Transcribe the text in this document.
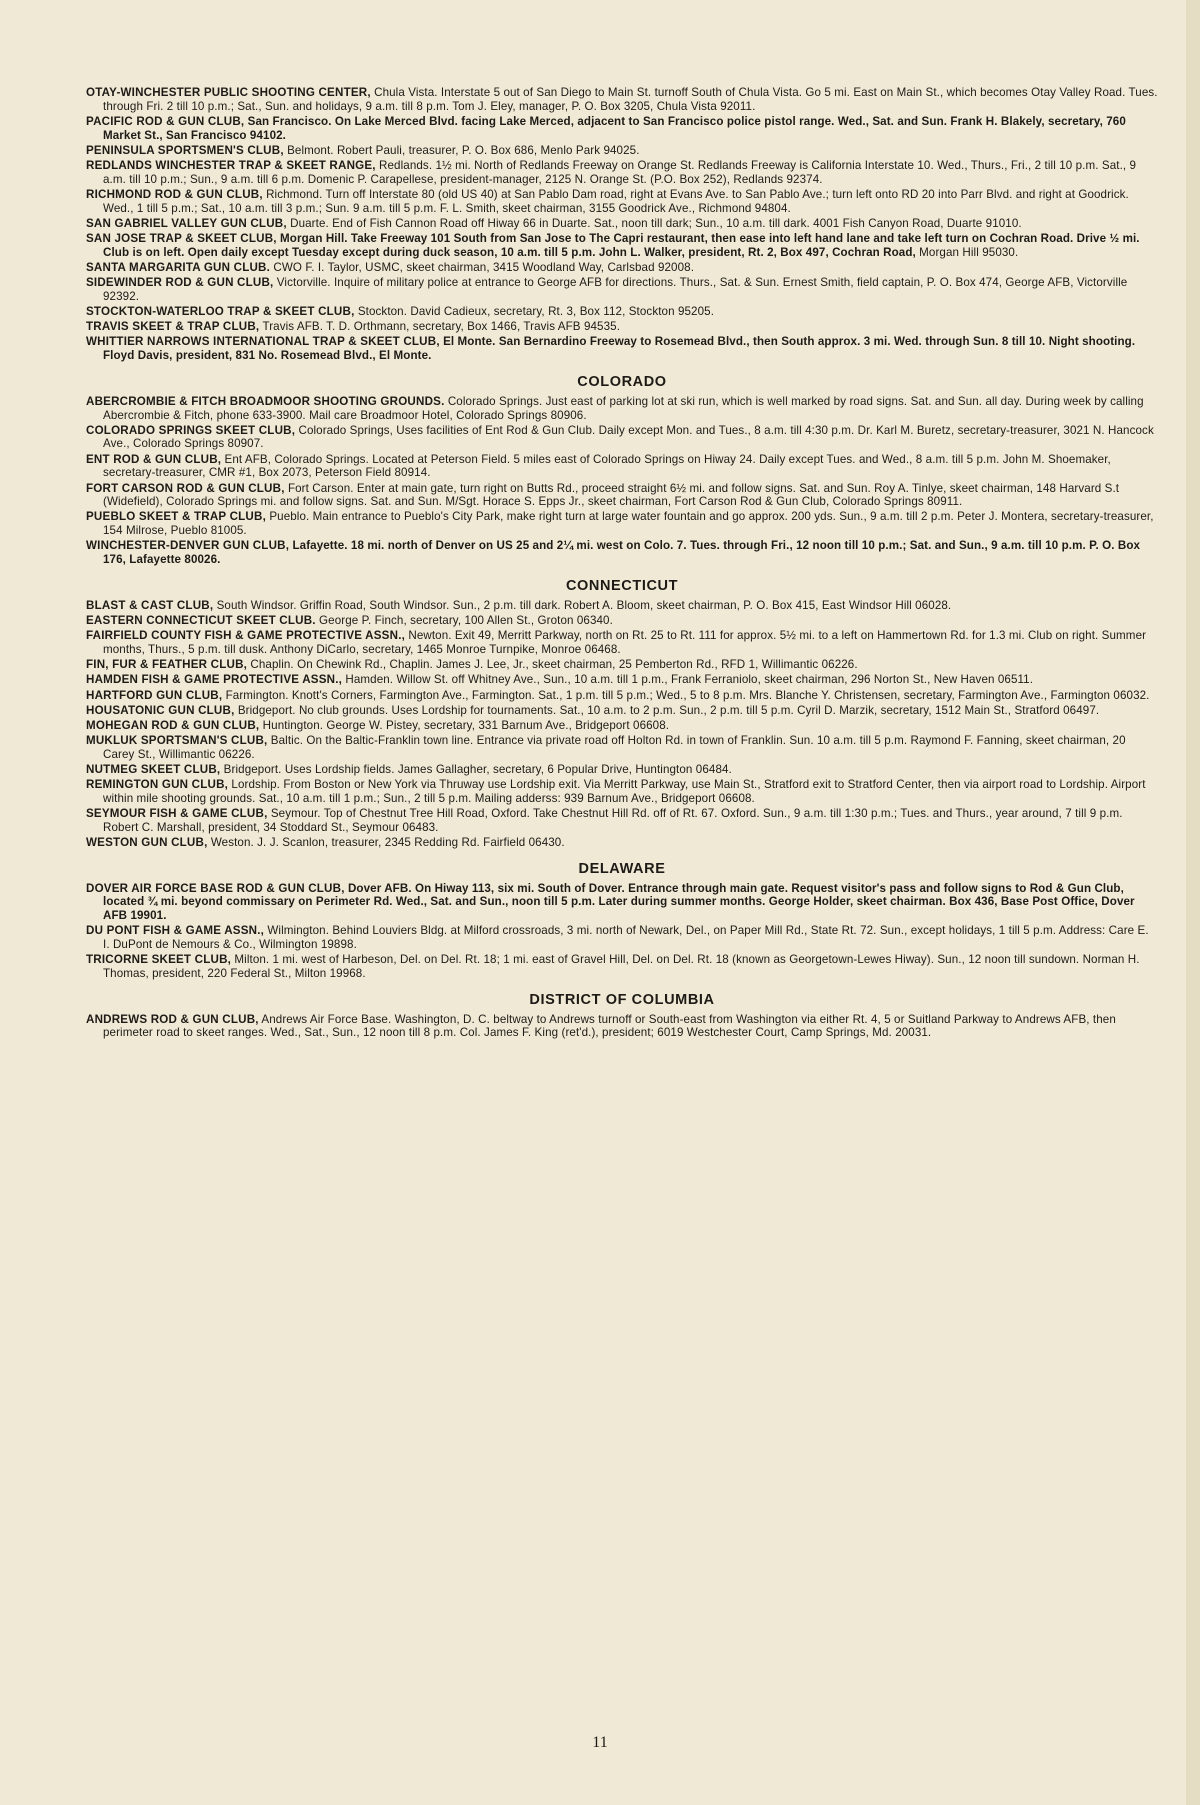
OTAY-WINCHESTER PUBLIC SHOOTING CENTER, Chula Vista. Interstate 5 out of San Diego to Main St. turnoff South of Chula Vista. Go 5 mi. East on Main St., which becomes Otay Valley Road. Tues. through Fri. 2 till 10 p.m.; Sat., Sun. and holidays, 9 a.m. till 8 p.m. Tom J. Eley, manager, P. O. Box 3205, Chula Vista 92011.

PACIFIC ROD & GUN CLUB, San Francisco. On Lake Merced Blvd. facing Lake Merced, adjacent to San Francisco police pistol range. Wed., Sat. and Sun. Frank H. Blakely, secretary, 760 Market St., San Francisco 94102.

PENINSULA SPORTSMEN'S CLUB, Belmont. Robert Pauli, treasurer, P. O. Box 686, Menlo Park 94025.

REDLANDS WINCHESTER TRAP & SKEET RANGE, Redlands. 1½ mi. North of Redlands Freeway on Orange St. Redlands Freeway is California Interstate 10. Wed., Thurs., Fri., 2 till 10 p.m. Sat., 9 a.m. till 10 p.m.; Sun., 9 a.m. till 6 p.m. Domenic P. Carapellese, president-manager, 2125 N. Orange St. (P.O. Box 252), Redlands 92374.

RICHMOND ROD & GUN CLUB, Richmond. Turn off Interstate 80 (old US 40) at San Pablo Dam road, right at Evans Ave. to San Pablo Ave.; turn left onto RD 20 into Parr Blvd. and right at Goodrick. Wed., 1 till 5 p.m.; Sat., 10 a.m. till 3 p.m.; Sun. 9 a.m. till 5 p.m. F. L. Smith, skeet chairman, 3155 Goodrick Ave., Richmond 94804.

SAN GABRIEL VALLEY GUN CLUB, Duarte. End of Fish Cannon Road off Hiway 66 in Duarte. Sat., noon till dark; Sun., 10 a.m. till dark. 4001 Fish Canyon Road, Duarte 91010.

SAN JOSE TRAP & SKEET CLUB, Morgan Hill. Take Freeway 101 South from San Jose to The Capri restaurant, then ease into left hand lane and take left turn on Cochran Road. Drive ½ mi. Club is on left. Open daily except Tuesday except during duck season, 10 a.m. till 5 p.m. John L. Walker, president, Rt. 2, Box 497, Cochran Road, Morgan Hill 95030.

SANTA MARGARITA GUN CLUB. CWO F. I. Taylor, USMC, skeet chairman, 3415 Woodland Way, Carlsbad 92008.

SIDEWINDER ROD & GUN CLUB, Victorville. Inquire of military police at entrance to George AFB for directions. Thurs., Sat. & Sun. Ernest Smith, field captain, P. O. Box 474, George AFB, Victorville 92392.

STOCKTON-WATERLOO TRAP & SKEET CLUB, Stockton. David Cadieux, secretary, Rt. 3, Box 112, Stockton 95205.

TRAVIS SKEET & TRAP CLUB, Travis AFB. T. D. Orthmann, secretary, Box 1466, Travis AFB 94535.

WHITTIER NARROWS INTERNATIONAL TRAP & SKEET CLUB, El Monte. San Bernardino Freeway to Rosemead Blvd., then South approx. 3 mi. Wed. through Sun. 8 till 10. Night shooting. Floyd Davis, president, 831 No. Rosemead Blvd., El Monte.

COLORADO

ABERCROMBIE & FITCH BROADMOOR SHOOTING GROUNDS. Colorado Springs. Just east of parking lot at ski run, which is well marked by road signs. Sat. and Sun. all day. During week by calling Abercrombie & Fitch, phone 633-3900. Mail care Broadmoor Hotel, Colorado Springs 80906.

COLORADO SPRINGS SKEET CLUB, Colorado Springs, Uses facilities of Ent Rod & Gun Club. Daily except Mon. and Tues., 8 a.m. till 4:30 p.m. Dr. Karl M. Buretz, secretary-treasurer, 3021 N. Hancock Ave., Colorado Springs 80907.

ENT ROD & GUN CLUB, Ent AFB, Colorado Springs. Located at Peterson Field. 5 miles east of Colorado Springs on Hiway 24. Daily except Tues. and Wed., 8 a.m. till 5 p.m. John M. Shoemaker, secretary-treasurer, CMR #1, Box 2073, Peterson Field 80914.

FORT CARSON ROD & GUN CLUB, Fort Carson. Enter at main gate, turn right on Butts Rd., proceed straight 6½ mi. and follow signs. Sat. and Sun. Roy A. Tinlye, skeet chairman, 148 Harvard S.t (Widefield), Colorado Springs mi. and follow signs. Sat. and Sun. M/Sgt. Horace S. Epps Jr., skeet chairman, Fort Carson Rod & Gun Club, Colorado Springs 80911.

PUEBLO SKEET & TRAP CLUB, Pueblo. Main entrance to Pueblo's City Park, make right turn at large water fountain and go approx. 200 yds. Sun., 9 a.m. till 2 p.m. Peter J. Montera, secretary-treasurer, 154 Milrose, Pueblo 81005.

WINCHESTER-DENVER GUN CLUB, Lafayette. 18 mi. north of Denver on US 25 and 2¼ mi. west on Colo. 7. Tues. through Fri., 12 noon till 10 p.m.; Sat. and Sun., 9 a.m. till 10 p.m. P. O. Box 176, Lafayette 80026.

CONNECTICUT

BLAST & CAST CLUB, South Windsor. Griffin Road, South Windsor. Sun., 2 p.m. till dark. Robert A. Bloom, skeet chairman, P. O. Box 415, East Windsor Hill 06028.

EASTERN CONNECTICUT SKEET CLUB. George P. Finch, secretary, 100 Allen St., Groton 06340.

FAIRFIELD COUNTY FISH & GAME PROTECTIVE ASSN., Newton. Exit 49, Merritt Parkway, north on Rt. 25 to Rt. 111 for approx. 5½ mi. to a left on Hammertown Rd. for 1.3 mi. Club on right. Summer months, Thurs., 5 p.m. till dusk. Anthony DiCarlo, secretary, 1465 Monroe Turnpike, Monroe 06468.

FIN, FUR & FEATHER CLUB, Chaplin. On Chewink Rd., Chaplin. James J. Lee, Jr., skeet chairman, 25 Pemberton Rd., RFD 1, Willimantic 06226.

HAMDEN FISH & GAME PROTECTIVE ASSN., Hamden. Willow St. off Whitney Ave., Sun., 10 a.m. till 1 p.m., Frank Ferraniolo, skeet chairman, 296 Norton St., New Haven 06511.

HARTFORD GUN CLUB, Farmington. Knott's Corners, Farmington Ave., Farmington. Sat., 1 p.m. till 5 p.m.; Wed., 5 to 8 p.m. Mrs. Blanche Y. Christensen, secretary, Farmington Ave., Farmington 06032.

HOUSATONIC GUN CLUB, Bridgeport. No club grounds. Uses Lordship for tournaments. Sat., 10 a.m. to 2 p.m. Sun., 2 p.m. till 5 p.m. Cyril D. Marzik, secretary, 1512 Main St., Stratford 06497.

MOHEGAN ROD & GUN CLUB, Huntington. George W. Pistey, secretary, 331 Barnum Ave., Bridgeport 06608.

MUKLUK SPORTSMAN'S CLUB, Baltic. On the Baltic-Franklin town line. Entrance via private road off Holton Rd. in town of Franklin. Sun. 10 a.m. till 5 p.m. Raymond F. Fanning, skeet chairman, 20 Carey St., Willimantic 06226.

NUTMEG SKEET CLUB, Bridgeport. Uses Lordship fields. James Gallagher, secretary, 6 Popular Drive, Huntington 06484.

REMINGTON GUN CLUB, Lordship. From Boston or New York via Thruway use Lordship exit. Via Merritt Parkway, use Main St., Stratford exit to Stratford Center, then via airport road to Lordship. Airport within mile shooting grounds. Sat., 10 a.m. till 1 p.m.; Sun., 2 till 5 p.m. Mailing adderss: 939 Barnum Ave., Bridgeport 06608.

SEYMOUR FISH & GAME CLUB, Seymour. Top of Chestnut Tree Hill Road, Oxford. Take Chestnut Hill Rd. off of Rt. 67. Oxford. Sun., 9 a.m. till 1:30 p.m.; Tues. and Thurs., year around, 7 till 9 p.m. Robert C. Marshall, president, 34 Stoddard St., Seymour 06483.

WESTON GUN CLUB, Weston. J. J. Scanlon, treasurer, 2345 Redding Rd. Fairfield 06430.

DELAWARE

DOVER AIR FORCE BASE ROD & GUN CLUB, Dover AFB. On Hiway 113, six mi. South of Dover. Entrance through main gate. Request visitor's pass and follow signs to Rod & Gun Club, located ¾ mi. beyond commissary on Perimeter Rd. Wed., Sat. and Sun., noon till 5 p.m. Later during summer months. George Holder, skeet chairman. Box 436, Base Post Office, Dover AFB 19901.

DU PONT FISH & GAME ASSN., Wilmington. Behind Louviers Bldg. at Milford crossroads, 3 mi. north of Newark, Del., on Paper Mill Rd., State Rt. 72. Sun., except holidays, 1 till 5 p.m. Address: Care E. I. DuPont de Nemours & Co., Wilmington 19898.

TRICORNE SKEET CLUB, Milton. 1 mi. west of Harbeson, Del. on Del. Rt. 18; 1 mi. east of Gravel Hill, Del. on Del. Rt. 18 (known as Georgetown-Lewes Hiway). Sun., 12 noon till sundown. Norman H. Thomas, president, 220 Federal St., Milton 19968.

DISTRICT OF COLUMBIA

ANDREWS ROD & GUN CLUB, Andrews Air Force Base. Washington, D. C. beltway to Andrews turnoff or South-east from Washington via either Rt. 4, 5 or Suitland Parkway to Andrews AFB, then perimeter road to skeet ranges. Wed., Sat., Sun., 12 noon till 8 p.m. Col. James F. King (ret'd.), president; 6019 Westchester Court, Camp Springs, Md. 20031.

11
